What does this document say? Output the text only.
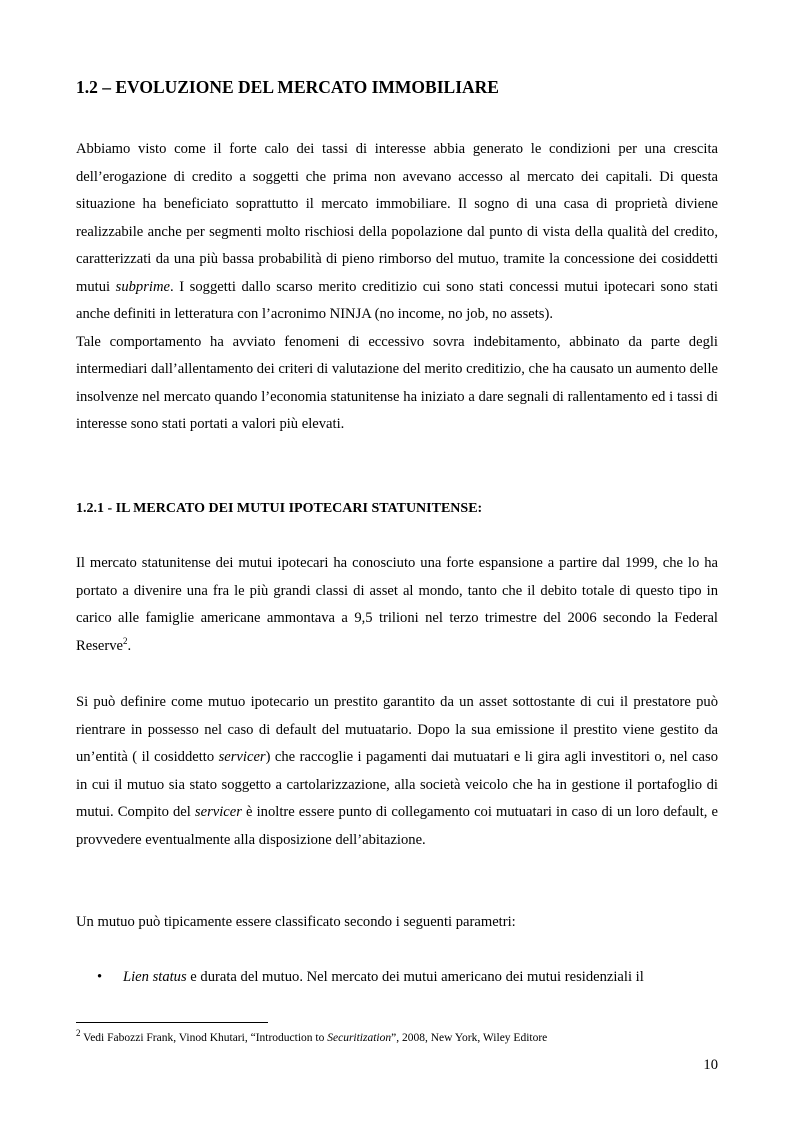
1.2 – EVOLUZIONE DEL MERCATO IMMOBILIARE

Abbiamo visto come il forte calo dei tassi di interesse abbia generato le condizioni per una crescita dell’erogazione di credito a soggetti che prima non avevano accesso al mercato dei capitali. Di questa situazione ha beneficiato soprattutto il mercato immobiliare. Il sogno di una casa di proprietà diviene realizzabile anche per segmenti molto rischiosi della popolazione dal punto di vista della qualità del credito, caratterizzati da una più bassa probabilità di pieno rimborso del mutuo, tramite la concessione dei cosiddetti mutui subprime. I soggetti dallo scarso merito creditizio cui sono stati concessi mutui ipotecari sono stati anche definiti in letteratura con l’acronimo NINJA (no income, no job, no assets).

Tale comportamento ha avviato fenomeni di eccessivo sovra indebitamento, abbinato da parte degli intermediari dall’allentamento dei criteri di valutazione del merito creditizio, che ha causato un aumento delle insolvenze nel mercato quando l’economia statunitense ha iniziato a dare segnali di rallentamento ed i tassi di interesse sono stati portati a valori più elevati.

1.2.1 - IL MERCATO DEI MUTUI IPOTECARI STATUNITENSE:

Il mercato statunitense dei mutui ipotecari ha conosciuto una forte espansione a partire dal 1999, che lo ha portato a divenire una fra le più grandi classi di asset al mondo, tanto che il debito totale di questo tipo in carico alle famiglie americane ammontava a 9,5 trilioni nel terzo trimestre del 2006 secondo la Federal Reserve$^2$.

Si può definire come mutuo ipotecario un prestito garantito da un asset sottostante di cui il prestatore può rientrare in possesso nel caso di default del mutuatario. Dopo la sua emissione il prestito viene gestito da un’entità ( il cosiddetto servicer) che raccoglie i pagamenti dai mutuatari e li gira agli investitori o, nel caso in cui il mutuo sia stato soggetto a cartolarizzazione, alla società veicolo che ha in gestione il portafoglio di mutui. Compito del servicer è inoltre essere punto di collegamento coi mutuatari in caso di un loro default, e provvedere eventualmente alla disposizione dell’abitazione.

Un mutuo può tipicamente essere classificato secondo i seguenti parametri:

• Lien status e durata del mutuo. Nel mercato dei mutui americano dei mutui residenziali il

$^2$ Vedi Fabozzi Frank, Vinod Khutari, “Introduction to Securitization”, 2008, New York, Wiley Editore

10
